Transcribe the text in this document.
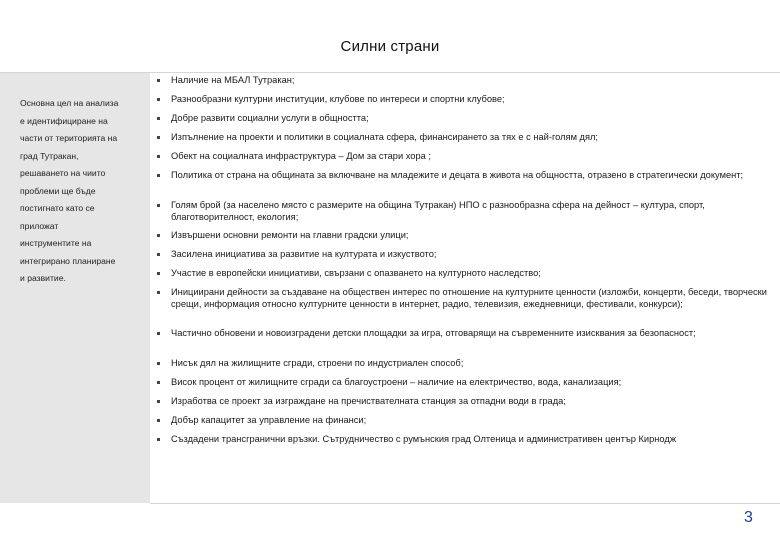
Силни страни
Основна цел на анализа
е идентифициране на
части от територията на
град Тутракан,
решаването на чиито
проблеми ще бъде
постигнато като се
приложат
инструментите на
интегрирано планиране
и развитие.
Наличие на МБАЛ Тутракан;
Разнообразни културни институции, клубове по интереси и спортни клубове;
Добре развити социални услуги в общността;
Изпълнение на проекти и политики в социалната сфера, финансирането за тях е с най-голям дял;
Обект на социалната инфраструктура – Дом за стари хора ;
Политика от страна на общината за включване на младежите и децата в живота на общността, отразено в стратегически документ;
Голям брой (за населено място с размерите на община Тутракан) НПО с разнообразна сфера на дейност – култура, спорт, благотворителност, екология;
Извършени основни ремонти на главни градски улици;
Засилена инициатива за развитие на културата и изкуството;
Участие в европейски инициативи, свързани с опазването на културното наследство;
Инициирани дейности за създаване на обществен интерес по отношение на културните ценности (изложби, концерти, беседи, творчески срещи, информация относно културните ценности в интернет, радио, телевизия, ежедневници, фестивали, конкурси);
Частично обновени и новоизградени детски площадки за игра, отговарящи на съвременните изисквания за безопасност;
Нисък дял на жилищните сгради, строени по индустриален способ;
Висок процент от жилищните сгради са благоустроени – наличие на електричество, вода, канализация;
Изработва се проект за изграждане на пречиствателната станция за отпадни води в града;
Добър капацитет за управление на финанси;
Създадени трансгранични връзки. Сътрудничество с румънския град Олтеница и административен център Кирнодж
3
